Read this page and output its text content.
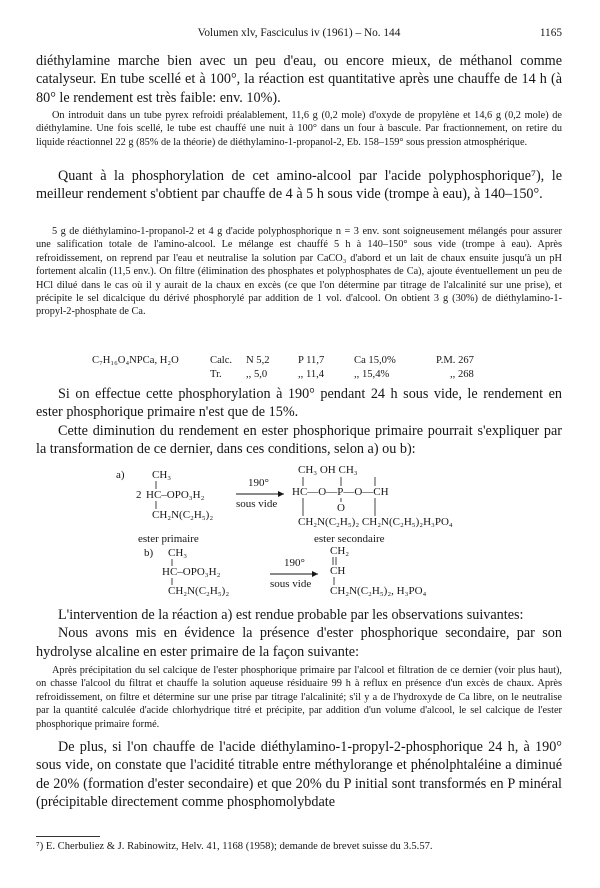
Volumen xlv, Fasciculus iv (1961) – No. 144	1165

diéthylamine marche bien avec un peu d'eau, ou encore mieux, de méthanol comme catalyseur. En tube scellé et à 100°, la réaction est quantitative après une chauffe de 14 h (à 80° le rendement est très faible: env. 10%).

On introduit dans un tube pyrex refroidi préalablement, 11,6 g (0,2 mole) d'oxyde de propylène et 14,6 g (0,2 mole) de diéthylamine. Une fois scellé, le tube est chauffé une nuit à 100° dans un four à bascule. Par fractionnement, on retire du liquide réactionnel 22 g (85% de la théorie) de diéthylamino-1-propanol-2, Eb. 158–159° sous pression atmosphérique.

Quant à la phosphorylation de cet amino-alcool par l'acide polyphosphorique⁷), le meilleur rendement s'obtient par chauffe de 4 à 5 h sous vide (trompe à eau), à 140–150°.

5 g de diéthylamino-1-propanol-2 et 4 g d'acide polyphosphorique n = 3 env. sont soigneusement mélangés pour assurer une salification totale de l'amino-alcool. Le mélange est chauffé 5 h à 140–150° sous vide (trompe à eau). Après refroidissement, on reprend par l'eau et neutralise la solution par CaCO₃ d'abord et un lait de chaux ensuite jusqu'à un pH fortement alcalin (11,5 env.). On filtre (élimination des phosphates et polyphosphates de Ca), ajoute éventuellement un peu de HCl dilué dans le cas où il y aurait de la chaux en excès (ce que l'on détermine par titrage de l'alcalinité sur une prise), et précipite le sel dicalcique du dérivé phosphorylé par addition de 1 vol. d'alcool. On obtient 3 g (30%) de diéthylamino-1-propyl-2-phosphate de Ca.

C₇H₁₆O₄NPCa, H₂O	Calc. N 5,2	P 11,7	Ca 15,0%	P.M. 267
Tr. ,, 5,0	,, 11,4	,, 15,4%	,, 268

Si on effectue cette phosphorylation à 190° pendant 24 h sous vide, le rendement en ester phosphorique primaire n'est que de 15%.

Cette diminution du rendement en ester phosphorique primaire pourrait s'expliquer par la transformation de ce dernier, dans ces conditions, selon a) ou b):

a) CH₃
2 HC–OPO₃H₂
CH₂N(C₂H₅)₂
190°
sous vide
CH₃ OH CH₃
HC—O—P—O—CH
O
CH₂N(C₂H₅)₂ CH₂N(C₂H₅)₂H₃PO₄
ester primaire	ester secondaire
b) CH₃
HC–OPO₃H₂
CH₂N(C₂H₅)₂
190°
sous vide
CH₂
CH
CH₂N(C₂H₅)₂, H₃PO₄

L'intervention de la réaction a) est rendue probable par les observations suivantes:

Nous avons mis en évidence la présence d'ester phosphorique secondaire, par son hydrolyse alcaline en ester primaire de la façon suivante:

Après précipitation du sel calcique de l'ester phosphorique primaire par l'alcool et filtration de ce dernier (voir plus haut), on chasse l'alcool du filtrat et chauffe la solution aqueuse résiduaire 99 h à reflux en présence d'un excès de chaux. Après refroidissement, on filtre et détermine sur une prise par titrage l'alcalinité; s'il y a de l'hydroxyde de Ca libre, on le neutralise par la quantité calculée d'acide chlorhydrique titré et précipite, par addition d'un volume d'alcool, le sel calcique de l'ester phosphorique primaire formé.

De plus, si l'on chauffe de l'acide diéthylamino-1-propyl-2-phosphorique 24 h, à 190° sous vide, on constate que l'acidité titrable entre méthylorange et phénolphtaléine a diminué de 20% (formation d'ester secondaire) et que 20% du P initial sont transformés en P minéral (précipitable directement comme phosphomolybdate

⁷) E. Cherbuliez & J. Rabinowitz, Helv. 41, 1168 (1958); demande de brevet suisse du 3.5.57.
